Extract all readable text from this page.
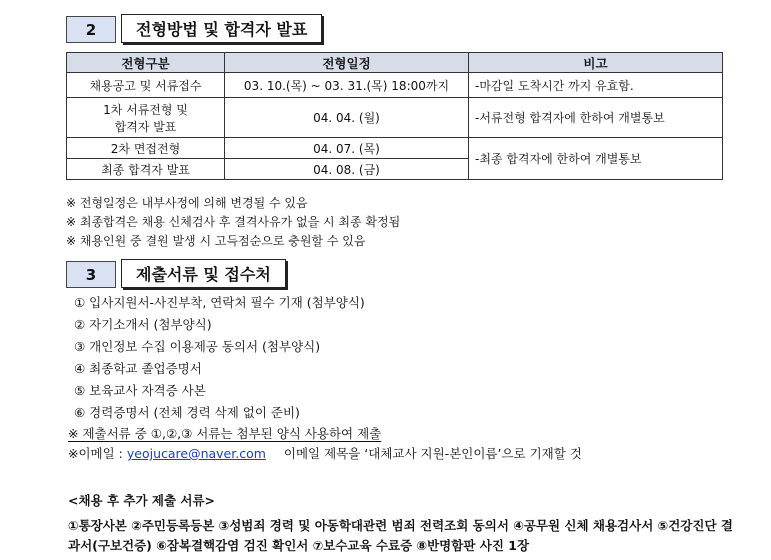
2	전형방법 및 합격자 발표
전형구분	전형일정	비고
채용공고 및 서류접수	03. 10.(목) ~ 03. 31.(목) 18:00까지	-마감일 도착시간 까지 유효함.

1차 서류전형 및
합격자 발표	04. 04. (월)	-서류전형 합격자에 한하여 개별통보
2차 면접전형	04. 07. (목)	-최종 합격자에 한하여 개별통보
최종 합격자 발표	04. 08. (금)	
※ 전형일정은 내부사정에 의해 변경될 수 있음
※ 최종합격은 채용 신체검사 후 결격사유가 없을 시 최종 확정됨
※ 채용인원 중 결원 발생 시 고득점순으로 충원할 수 있음
3	제출서류 및 접수처
① 입사지원서-사진부착, 연락처 필수 기재 (첨부양식)
② 자기소개서 (첨부양식)
③ 개인정보 수집 이용제공 동의서 (첨부양식)
④ 최종학교 졸업증명서
⑤ 보육교사 자격증 사본
⑥ 경력증명서 (전체 경력 삭제 없이 준비)
※ 제출서류 중 ①,②,③ 서류는 첨부된 양식 사용하여 제출
※이메일 : yeojucare@naver.com 이메일 제목을 ‘대체교사 지원-본인이름’으로 기재할 것
<채용 후 추가 제출 서류>
①통장사본 ②주민등록등본 ③성범죄 경력 및 아동학대관련 범죄 전력조회 동의서 ④공무원 신체 채용검사서 ⑤건강진단 결과서(구보건증) ⑥잠복결핵감염 검진 확인서 ⑦보수교육 수료증 ⑧반명함판 사진 1장
